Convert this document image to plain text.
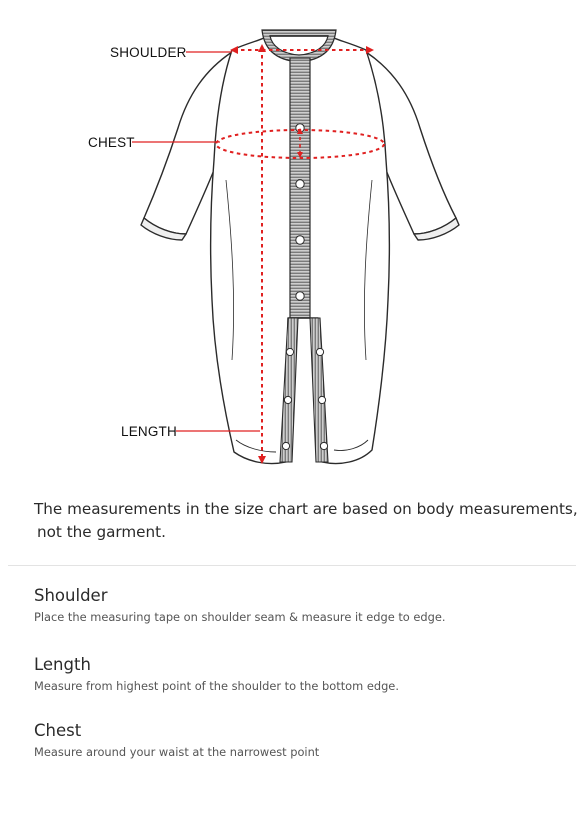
SHOULDER
CHEST
LENGTH

The measurements in the size chart are based on body measurements,
not the garment.

Shoulder

Place the measuring tape on shoulder seam & measure it edge to edge.

Length

Measure from highest point of the shoulder to the bottom edge.

Chest

Measure around your waist at the narrowest point
